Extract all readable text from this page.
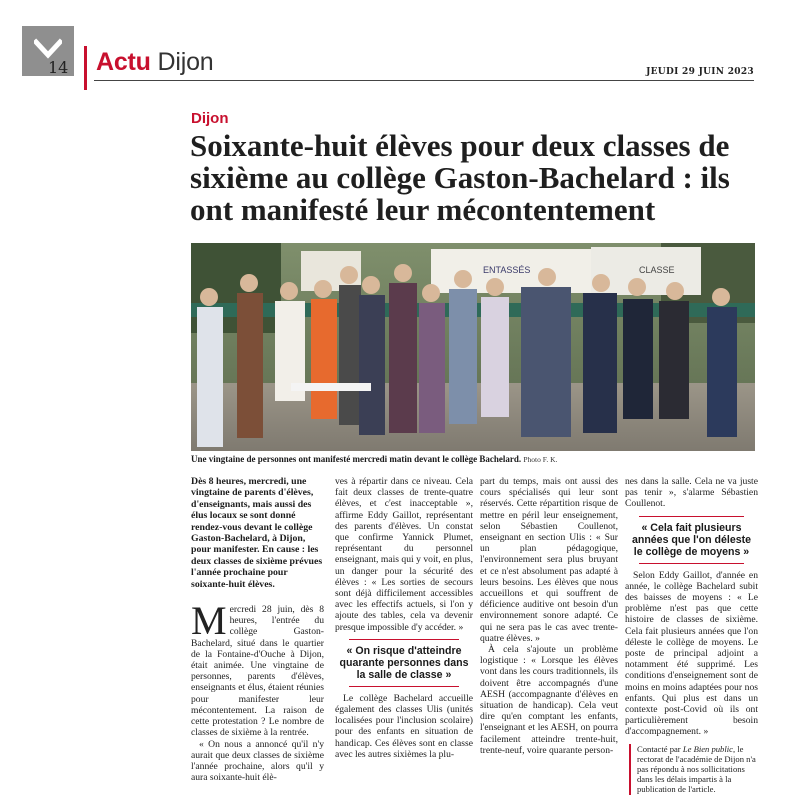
14 Actu Dijon	JEUDI 29 JUIN 2023
Dijon
Soixante-huit élèves pour deux classes de sixième au collège Gaston-Bachelard : ils ont manifesté leur mécontentement
ENTASSÉS	CLASSE
Une vingtaine de personnes ont manifesté mercredi matin devant le collège Bachelard. Photo F. K.

Dès 8 heures, mercredi, une vingtaine de parents d'élèves, d'enseignants, mais aussi des élus locaux se sont donné rendez-vous devant le collège Gaston-Bachelard, à Dijon, pour manifester. En cause : les deux classes de sixième prévues l'année prochaine pour soixante-huit élèves.

M ercredi 28 juin, dès 8 heures, l'entrée du collège Gaston-Bachelard, situé dans le quartier de la Fontaine-d'Ouche à Dijon, était animée. Une vingtaine de personnes, parents d'élèves, enseignants et élus, étaient réunies pour manifester leur mécontentement. La raison de cette protestation ? Le nombre de classes de sixième à la rentrée.

« On nous a annoncé qu'il n'y aurait que deux classes de sixième l'année prochaine, alors qu'il y aura soixante-huit élè-

ves à répartir dans ce niveau. Cela fait deux classes de trente-quatre élèves, et c'est inacceptable », affirme Eddy Gaillot, représentant des parents d'élèves. Un constat que confirme Yannick Plumet, représentant du personnel enseignant, mais qui y voit, en plus, un danger pour la sécurité des élèves : « Les sorties de secours sont déjà difficilement accessibles avec les effectifs actuels, si l'on y ajoute des tables, cela va devenir presque impossible d'y accéder. »

« On risque d'atteindre quarante personnes dans la salle de classe »

Le collège Bachelard accueille également des classes Ulis (unités localisées pour l'inclusion scolaire) pour des enfants en situation de handicap. Ces élèves sont en classe avec les autres sixièmes la plu-

part du temps, mais ont aussi des cours spécialisés qui leur sont réservés. Cette répartition risque de mettre en péril leur enseignement, selon Sébastien Coullenot, enseignant en section Ulis : « Sur un plan pédagogique, l'environnement sera plus bruyant et ce n'est absolument pas adapté à leurs besoins. Les élèves que nous accueillons et qui souffrent de déficience auditive ont besoin d'un environnement sonore adapté. Ce qui ne sera pas le cas avec trente-quatre élèves. »

À cela s'ajoute un problème logistique : « Lorsque les élèves vont dans les cours traditionnels, ils doivent être accompagnés d'une AESH (accompagnante d'élèves en situation de handicap). Cela veut dire qu'en comptant les enfants, l'enseignant et les AESH, on pourra facilement atteindre trente-huit, trente-neuf, voire quarante person-

nes dans la salle. Cela ne va juste pas tenir », s'alarme Sébastien Coullenot.

« Cela fait plusieurs années que l'on déleste le collège de moyens »

Selon Eddy Gaillot, d'année en année, le collège Bachelard subit des baisses de moyens : « Le problème n'est pas que cette histoire de classes de sixième. Cela fait plusieurs années que l'on déleste le collège de moyens. Le poste de principal adjoint a notamment été supprimé. Les conditions d'enseignement sont de moins en moins adaptées pour nos enfants. Qui plus est dans un contexte post-Covid où ils ont particulièrement besoin d'accompagnement. »

Contacté par Le Bien public, le rectorat de l'académie de Dijon n'a pas répondu à nos sollicitations dans les délais impartis à la publication de l'article.
